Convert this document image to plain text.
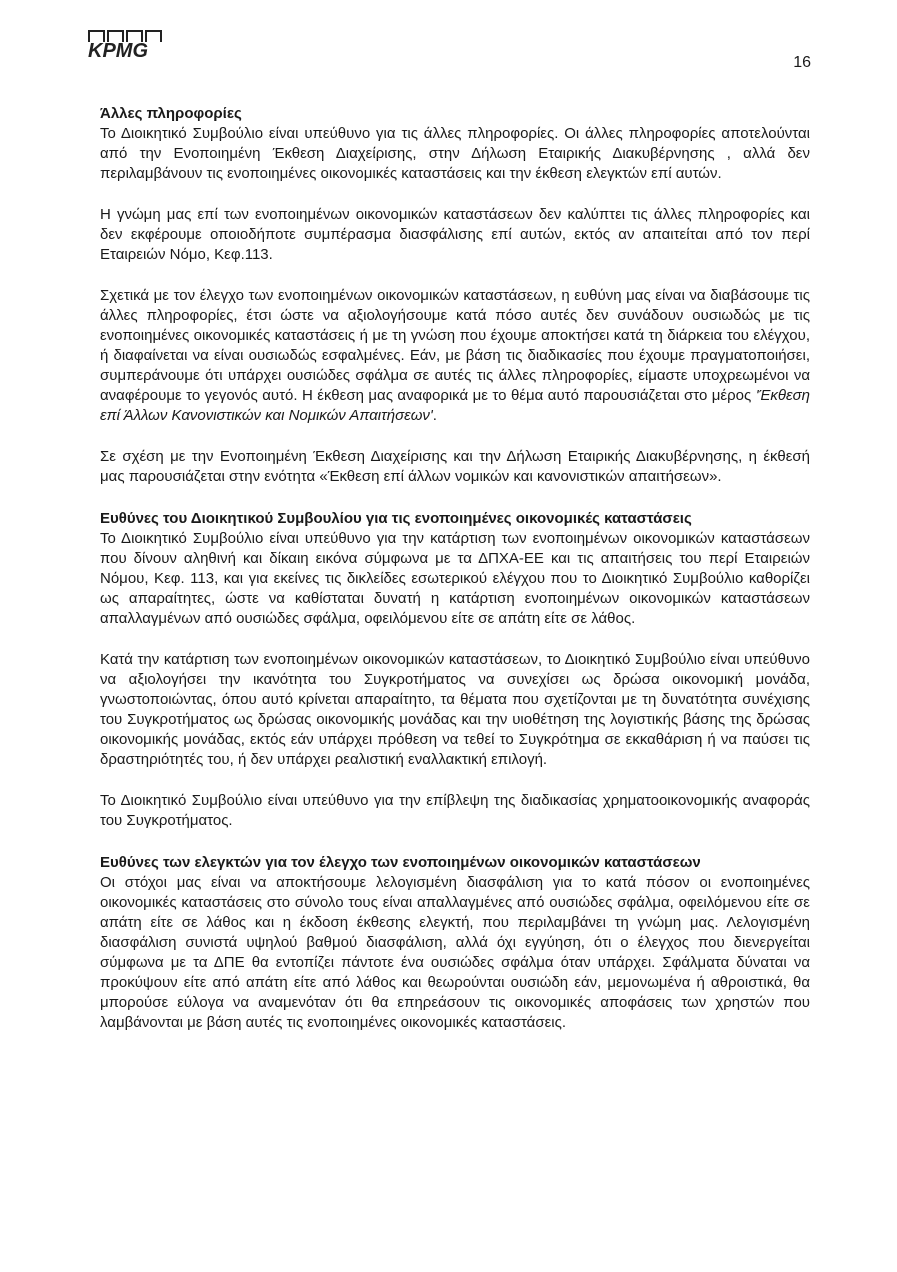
KPMG
16
Άλλες πληροφορίες

Το Διοικητικό Συμβούλιο είναι υπεύθυνο για τις άλλες πληροφορίες. Οι άλλες πληροφορίες αποτελούνται από την Ενοποιημένη Έκθεση Διαχείρισης, στην Δήλωση Εταιρικής Διακυβέρνησης , αλλά δεν περιλαμβάνουν τις ενοποιημένες οικονομικές καταστάσεις και την έκθεση ελεγκτών επί αυτών.

Η γνώμη μας επί των ενοποιημένων οικονομικών καταστάσεων δεν καλύπτει τις άλλες πληροφορίες και δεν εκφέρουμε οποιοδήποτε συμπέρασμα διασφάλισης επί αυτών, εκτός αν απαιτείται από τον περί Εταιρειών Νόμο, Κεφ.113.

Σχετικά με τον έλεγχο των ενοποιημένων οικονομικών καταστάσεων, η ευθύνη μας είναι να διαβάσουμε τις άλλες πληροφορίες, έτσι ώστε να αξιολογήσουμε κατά πόσο αυτές δεν συνάδουν ουσιωδώς με τις ενοποιημένες οικονομικές καταστάσεις ή με τη γνώση που έχουμε αποκτήσει κατά τη διάρκεια του ελέγχου, ή διαφαίνεται να είναι ουσιωδώς εσφαλμένες. Εάν, με βάση τις διαδικασίες που έχουμε πραγματοποιήσει, συμπεράνουμε ότι υπάρχει ουσιώδες σφάλμα σε αυτές τις άλλες πληροφορίες, είμαστε υποχρεωμένοι να αναφέρουμε το γεγονός αυτό. Η έκθεση μας αναφορικά με το θέμα αυτό παρουσιάζεται στο μέρος 'Έκθεση επί Άλλων Κανονιστικών και Νομικών Απαιτήσεων'.

Σε σχέση με την Ενοποιημένη Έκθεση Διαχείρισης και την Δήλωση Εταιρικής Διακυβέρνησης, η έκθεσή μας παρουσιάζεται στην ενότητα «Έκθεση επί άλλων νομικών και κανονιστικών απαιτήσεων».

Ευθύνες του Διοικητικού Συμβουλίου για τις ενοποιημένες οικονομικές καταστάσεις

Το Διοικητικό Συμβούλιο είναι υπεύθυνο για την κατάρτιση των ενοποιημένων οικονομικών καταστάσεων που δίνουν αληθινή και δίκαιη εικόνα σύμφωνα με τα ΔΠΧΑ-ΕΕ και τις απαιτήσεις του περί Εταιρειών Νόμου, Κεφ. 113, και για εκείνες τις δικλείδες εσωτερικού ελέγχου που το Διοικητικό Συμβούλιο καθορίζει ως απαραίτητες, ώστε να καθίσταται δυνατή η κατάρτιση ενοποιημένων οικονομικών καταστάσεων απαλλαγμένων από ουσιώδες σφάλμα, οφειλόμενου είτε σε απάτη είτε σε λάθος.

Κατά την κατάρτιση των ενοποιημένων οικονομικών καταστάσεων, το Διοικητικό Συμβούλιο είναι υπεύθυνο να αξιολογήσει την ικανότητα του Συγκροτήματος να συνεχίσει ως δρώσα οικονομική μονάδα, γνωστοποιώντας, όπου αυτό κρίνεται απαραίτητο, τα θέματα που σχετίζονται με τη δυνατότητα συνέχισης του Συγκροτήματος ως δρώσας οικονομικής μονάδας και την υιοθέτηση της λογιστικής βάσης της δρώσας οικονομικής μονάδας, εκτός εάν υπάρχει πρόθεση να τεθεί το Συγκρότημα σε εκκαθάριση ή να παύσει τις δραστηριότητές του, ή δεν υπάρχει ρεαλιστική εναλλακτική επιλογή.

Το Διοικητικό Συμβούλιο είναι υπεύθυνο για την επίβλεψη της διαδικασίας χρηματοοικονομικής αναφοράς του Συγκροτήματος.

Ευθύνες των ελεγκτών για τον έλεγχο των ενοποιημένων οικονομικών καταστάσεων

Οι στόχοι μας είναι να αποκτήσουμε λελογισμένη διασφάλιση για το κατά πόσον οι ενοποιημένες οικονομικές καταστάσεις στο σύνολο τους είναι απαλλαγμένες από ουσιώδες σφάλμα, οφειλόμενου είτε σε απάτη είτε σε λάθος και η έκδοση έκθεσης ελεγκτή, που περιλαμβάνει τη γνώμη μας. Λελογισμένη διασφάλιση συνιστά υψηλού βαθμού διασφάλιση, αλλά όχι εγγύηση, ότι ο έλεγχος που διενεργείται σύμφωνα με τα ΔΠΕ θα εντοπίζει πάντοτε ένα ουσιώδες σφάλμα όταν υπάρχει. Σφάλματα δύναται να προκύψουν είτε από απάτη είτε από λάθος και θεωρούνται ουσιώδη εάν, μεμονωμένα ή αθροιστικά, θα μπορούσε εύλογα να αναμενόταν ότι θα επηρεάσουν τις οικονομικές αποφάσεις των χρηστών που λαμβάνονται με βάση αυτές τις ενοποιημένες οικονομικές καταστάσεις.
